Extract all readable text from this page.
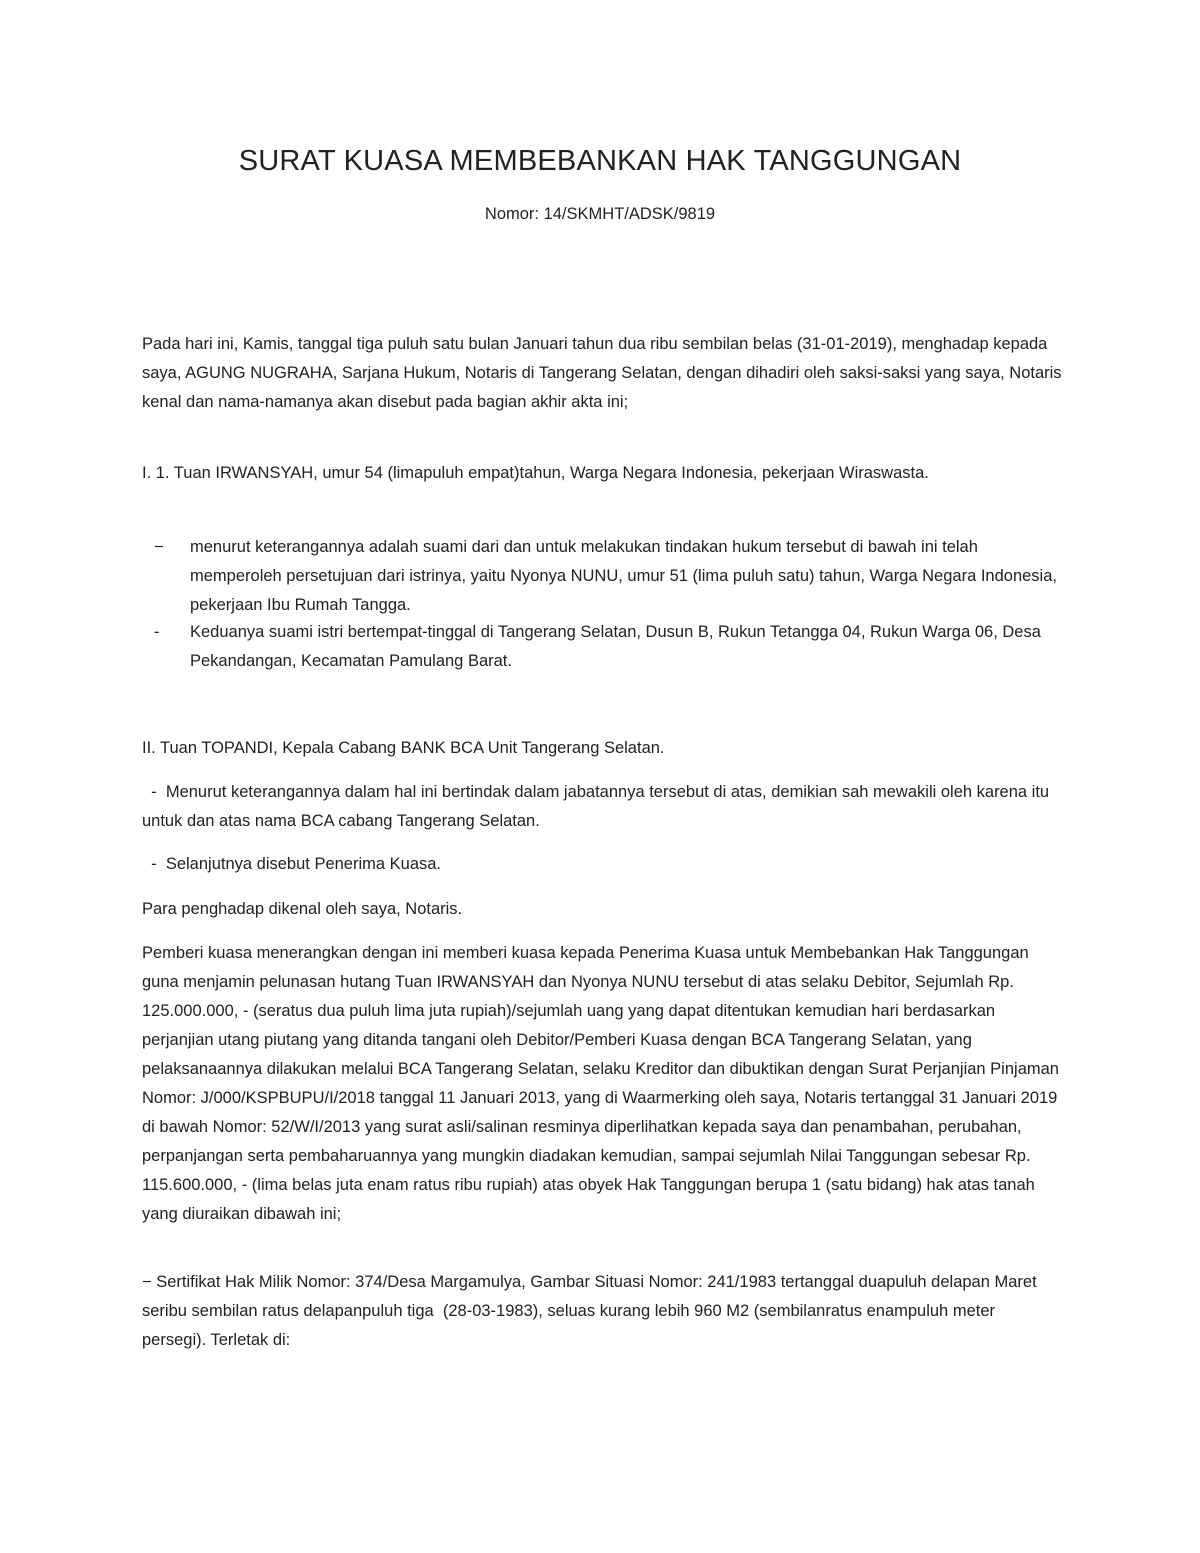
SURAT KUASA MEMBEBANKAN HAK TANGGUNGAN
Nomor: 14/SKMHT/ADSK/9819

Pada hari ini, Kamis, tanggal tiga puluh satu bulan Januari tahun dua ribu sembilan belas (31-01-2019), menghadap kepada saya, AGUNG NUGRAHA, Sarjana Hukum, Notaris di Tangerang Selatan, dengan dihadiri oleh saksi-saksi yang saya, Notaris kenal dan nama-namanya akan disebut pada bagian akhir akta ini;

I. 1. Tuan IRWANSYAH, umur 54 (limapuluh empat)tahun, Warga Negara Indonesia, pekerjaan Wiraswasta.

− menurut keterangannya adalah suami dari dan untuk melakukan tindakan hukum tersebut di bawah ini telah memperoleh persetujuan dari istrinya, yaitu Nyonya NUNU, umur 51 (lima puluh satu) tahun, Warga Negara Indonesia, pekerjaan Ibu Rumah Tangga.
- Keduanya suami istri bertempat-tinggal di Tangerang Selatan, Dusun B, Rukun Tetangga 04, Rukun Warga 06, Desa Pekandangan, Kecamatan Pamulang Barat.

II. Tuan TOPANDI, Kepala Cabang BANK BCA Unit Tangerang Selatan.

-  Menurut keterangannya dalam hal ini bertindak dalam jabatannya tersebut di atas, demikian sah mewakili oleh karena itu untuk dan atas nama BCA cabang Tangerang Selatan.

-  Selanjutnya disebut Penerima Kuasa.

Para penghadap dikenal oleh saya, Notaris.

Pemberi kuasa menerangkan dengan ini memberi kuasa kepada Penerima Kuasa untuk Membebankan Hak Tanggungan guna menjamin pelunasan hutang Tuan IRWANSYAH dan Nyonya NUNU tersebut di atas selaku Debitor, Sejumlah Rp. 125.000.000, - (seratus dua puluh lima juta rupiah)/sejumlah uang yang dapat ditentukan kemudian hari berdasarkan perjanjian utang piutang yang ditanda tangani oleh Debitor/Pemberi Kuasa dengan BCA Tangerang Selatan, yang pelaksanaannya dilakukan melalui BCA Tangerang Selatan, selaku Kreditor dan dibuktikan dengan Surat Perjanjian Pinjaman Nomor: J/000/KSPBUPU/I/2018 tanggal 11 Januari 2013, yang di Waarmerking oleh saya, Notaris tertanggal 31 Januari 2019 di bawah Nomor: 52/W/I/2013 yang surat asli/salinan resminya diperlihatkan kepada saya dan penambahan, perubahan, perpanjangan serta pembaharuannya yang mungkin diadakan kemudian, sampai sejumlah Nilai Tanggungan sebesar Rp. 115.600.000, - (lima belas juta enam ratus ribu rupiah) atas obyek Hak Tanggungan berupa 1 (satu bidang) hak atas tanah yang diuraikan dibawah ini;

− Sertifikat Hak Milik Nomor: 374/Desa Margamulya, Gambar Situasi Nomor: 241/1983 tertanggal duapuluh delapan Maret seribu sembilan ratus delapanpuluh tiga  (28-03-1983), seluas kurang lebih 960 M2 (sembilanratus enampuluh meter persegi). Terletak di:
